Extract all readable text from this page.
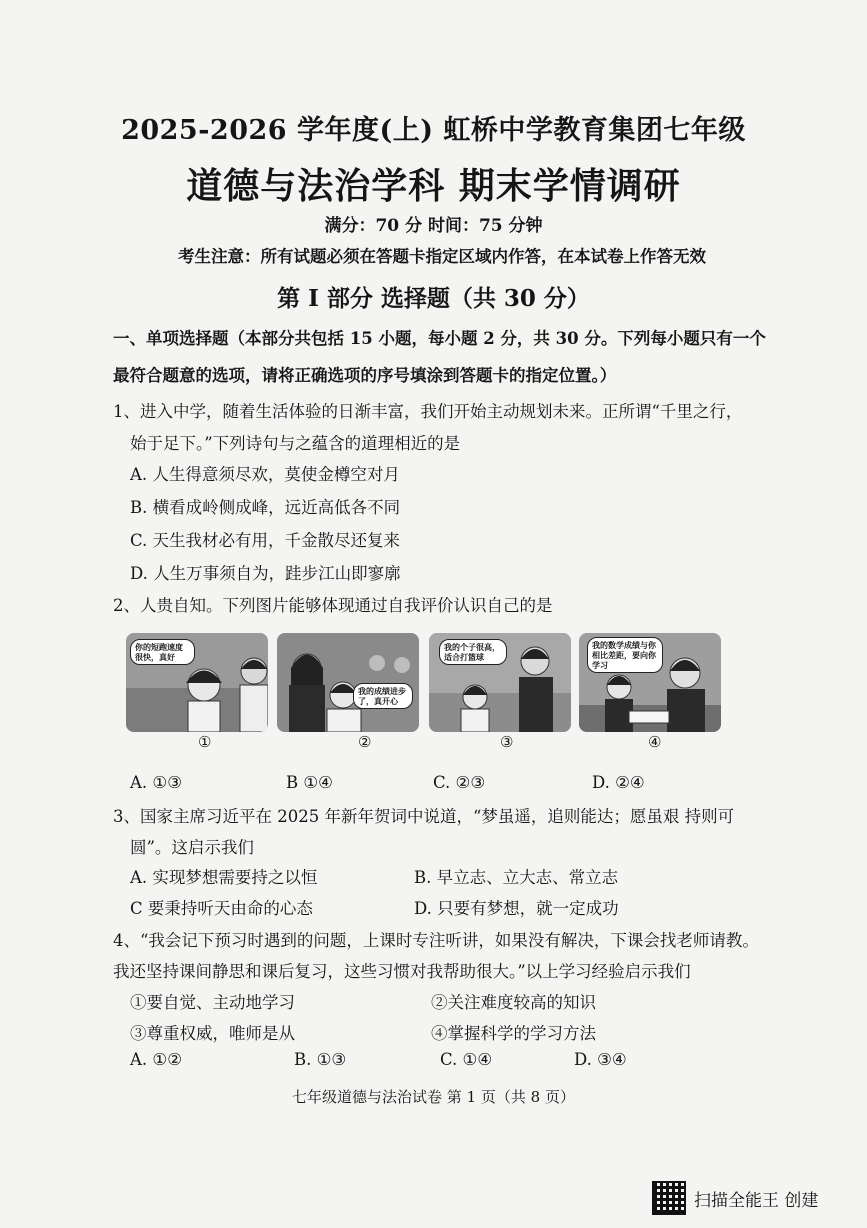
2025-2026 学年度(上) 虹桥中学教育集团七年级
道德与法治学科 期末学情调研
满分：70 分 时间：75 分钟
考生注意：所有试题必须在答题卡指定区域内作答，在本试卷上作答无效
第 I 部分 选择题（共 30 分）
一、单项选择题（本部分共包括 15 小题，每小题 2 分，共 30 分。下列每小题只有一个
最符合题意的选项，请将正确选项的序号填涂到答题卡的指定位置。）
1、进入中学，随着生活体验的日渐丰富，我们开始主动规划未来。正所谓“千里之行，
始于足下。”下列诗句与之蕴含的道理相近的是
A. 人生得意须尽欢，莫使金樽空对月
B. 横看成岭侧成峰，远近高低各不同
C. 天生我材必有用，千金散尽还复来
D. 人生万事须自为，跬步江山即寥廓
2、人贵自知。下列图片能够体现通过自我评价认识自己的是
你的短跑速度很快，真好
我的成绩进步了，真开心
我的个子很高，适合打篮球
我的数学成绩与你相比差距，要向你学习
①	②	③	④
A. ①③	B ①④	C. ②③	D. ②④
3、国家主席习近平在 2025 年新年贺词中说道，“梦虽遥，追则能达；愿虽艰 持则可
圆”。这启示我们
A. 实现梦想需要持之以恒	B. 早立志、立大志、常立志
C 要秉持听天由命的心态	D. 只要有梦想，就一定成功
4、“我会记下预习时遇到的问题，上课时专注听讲，如果没有解决，下课会找老师请教。
我还坚持课间静思和课后复习，这些习惯对我帮助很大。”以上学习经验启示我们
①要自觉、主动地学习	②关注难度较高的知识
③尊重权威，唯师是从	④掌握科学的学习方法
A. ①②	B. ①③	C. ①④	D. ③④
七年级道德与法治试卷 第 1 页（共 8 页）
扫描全能王 创建
